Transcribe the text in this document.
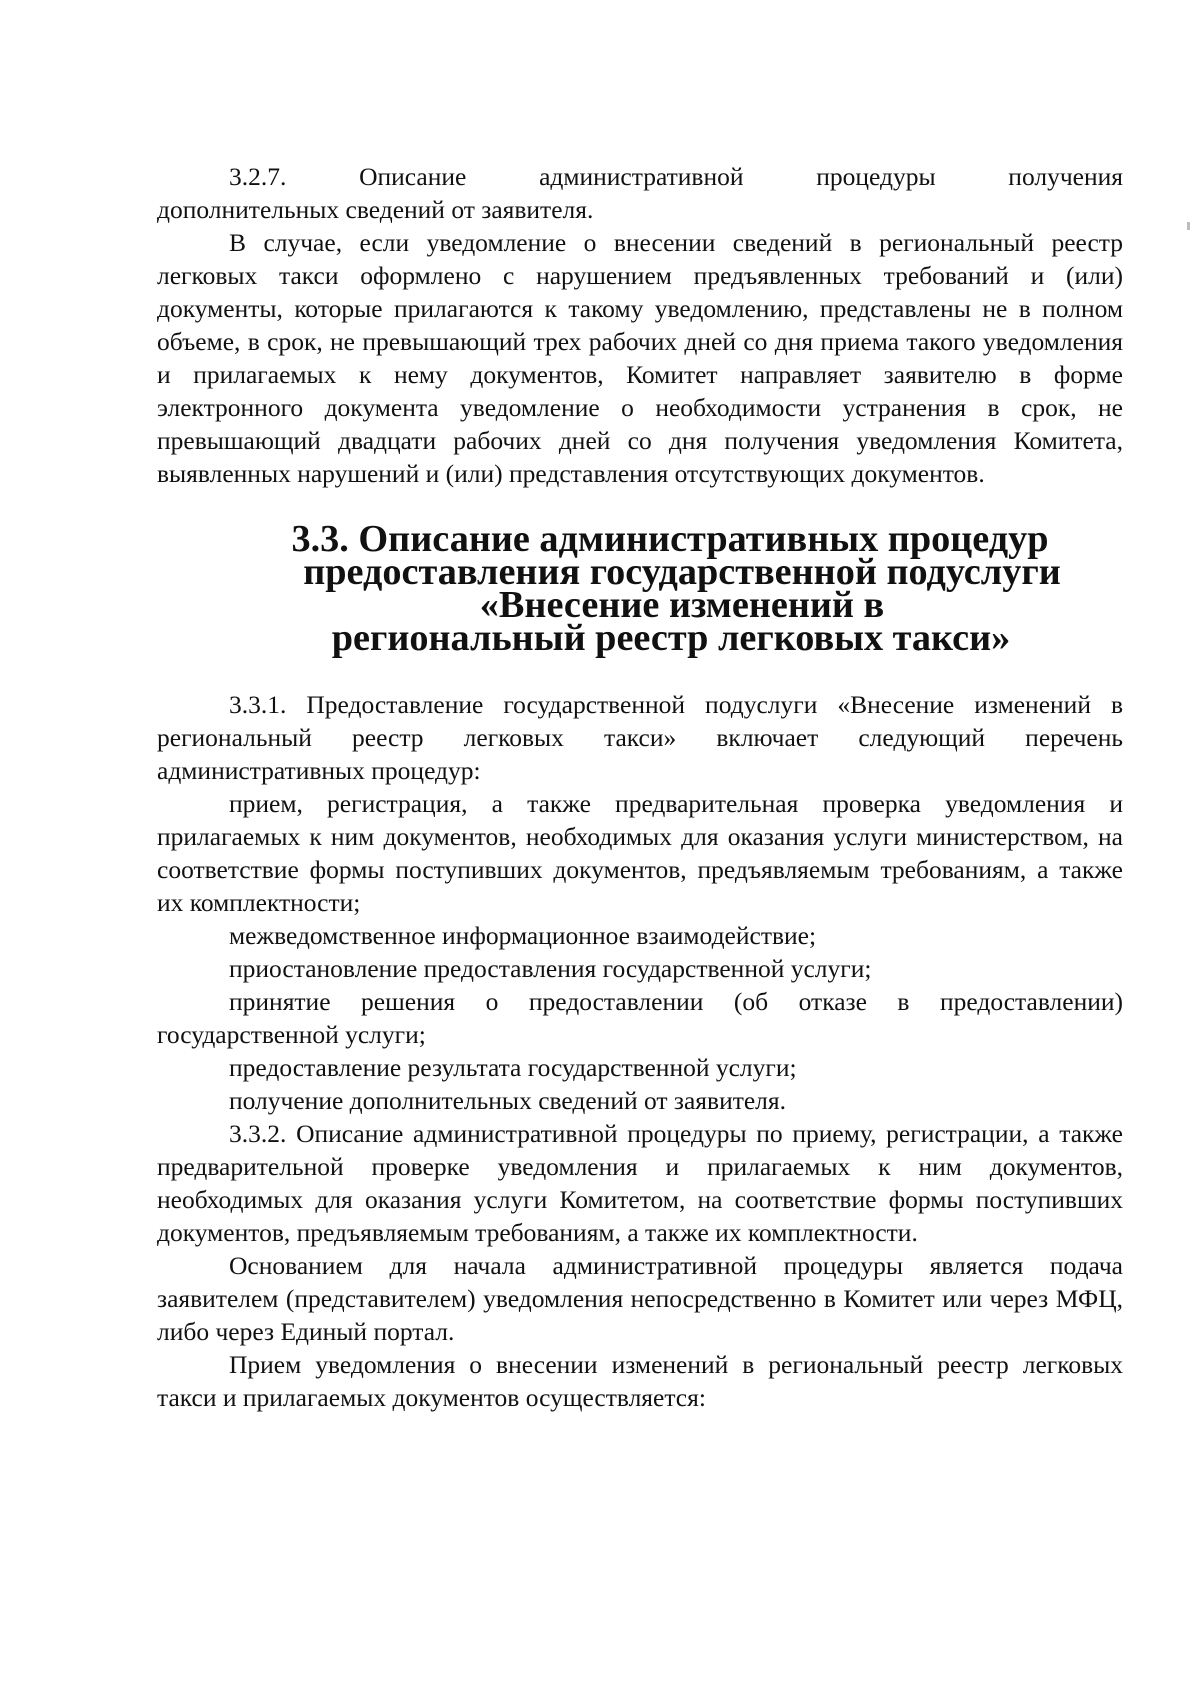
3.2.7.	Описание	административной	процедуры	получения

дополнительных сведений от заявителя.

В случае, если уведомление о внесении сведений в региональный реестр легковых такси оформлено с нарушением предъявленных требований и (или) документы, которые прилагаются к такому уведомлению, представлены не в полном объеме, в срок, не превышающий трех рабочих дней со дня приема такого уведомления и прилагаемых к нему документов, Комитет направляет заявителю в форме электронного документа уведомление о необходимости устранения в срок, не превышающий двадцати рабочих дней со дня получения уведомления Комитета, выявленных нарушений и (или) представления отсутствующих документов.

3.3. Описание административных процедур
предоставления государственной подуслуги «Внесение изменений в
региональный реестр легковых такси»

3.3.1. Предоставление государственной подуслуги «Внесение изменений в региональный реестр легковых такси» включает следующий перечень административных процедур:

прием, регистрация, а также предварительная проверка уведомления и прилагаемых к ним документов, необходимых для оказания услуги министерством, на соответствие формы поступивших документов, предъявляемым требованиям, а также их комплектности;

межведомственное информационное взаимодействие;

приостановление предоставления государственной услуги;

принятие решения о предоставлении (об отказе в предоставлении) государственной услуги;

предоставление результата государственной услуги;

получение дополнительных сведений от заявителя.

3.3.2. Описание административной процедуры по приему, регистрации, а также предварительной проверке уведомления и прилагаемых к ним документов, необходимых для оказания услуги Комитетом, на соответствие формы поступивших документов, предъявляемым требованиям, а также их комплектности.

Основанием для начала административной процедуры является подача заявителем (представителем) уведомления непосредственно в Комитет или через МФЦ, либо через Единый портал.

Прием уведомления о внесении изменений в региональный реестр легковых такси и прилагаемых документов осуществляется:
